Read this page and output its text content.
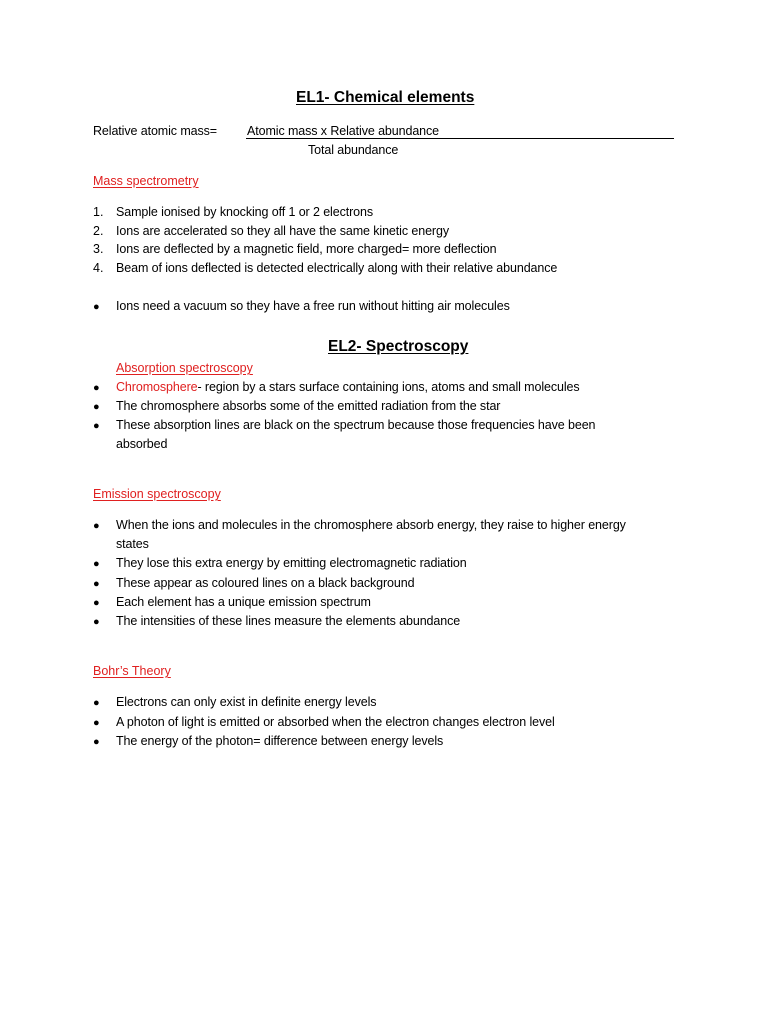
EL1- Chemical elements
Relative atomic mass= Atomic mass x Relative abundance
Total abundance
Mass spectrometry
1. Sample ionised by knocking off 1 or 2 electrons
2. Ions are accelerated so they all have the same kinetic energy
3. Ions are deflected by a magnetic field, more charged= more deflection
4. Beam of ions deflected is detected electrically along with their relative abundance
● Ions need a vacuum so they have a free run without hitting air molecules
EL2- Spectroscopy
Absorption spectroscopy
● Chromosphere- region by a stars surface containing ions, atoms and small molecules
● The chromosphere absorbs some of the emitted radiation from the star
● These absorption lines are black on the spectrum because those frequencies have been
absorbed
Emission spectroscopy
● When the ions and molecules in the chromosphere absorb energy, they raise to higher energy
states
● They lose this extra energy by emitting electromagnetic radiation
● These appear as coloured lines on a black background
● Each element has a unique emission spectrum
● The intensities of these lines measure the elements abundance
Bohr’s Theory
● Electrons can only exist in definite energy levels
● A photon of light is emitted or absorbed when the electron changes electron level
● The energy of the photon= difference between energy levels
